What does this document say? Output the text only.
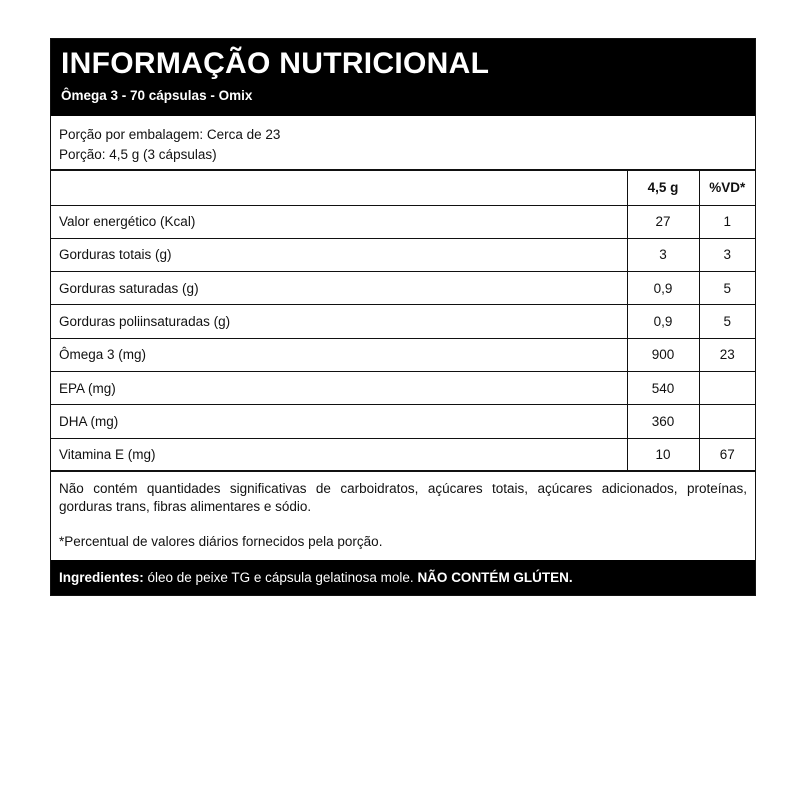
INFORMAÇÃO NUTRICIONAL
Ômega 3 - 70 cápsulas - Omix
Porção por embalagem: Cerca de 23
Porção: 4,5 g (3 cápsulas)
	4,5 g	%VD*
Valor energético (Kcal)	27	1
Gorduras totais (g)	3	3
Gorduras saturadas (g)	0,9	5
Gorduras poliinsaturadas (g)	0,9	5
Ômega 3 (mg)	900	23
EPA (mg)	540	
DHA (mg)	360	
Vitamina E (mg)	10	67
Não contém quantidades significativas de carboidratos, açúcares totais, açúcares adicionados, proteínas, gorduras trans, fibras alimentares e sódio.
*Percentual de valores diários fornecidos pela porção.
Ingredientes: óleo de peixe TG e cápsula gelatinosa mole. NÃO CONTÉM GLÚTEN.
